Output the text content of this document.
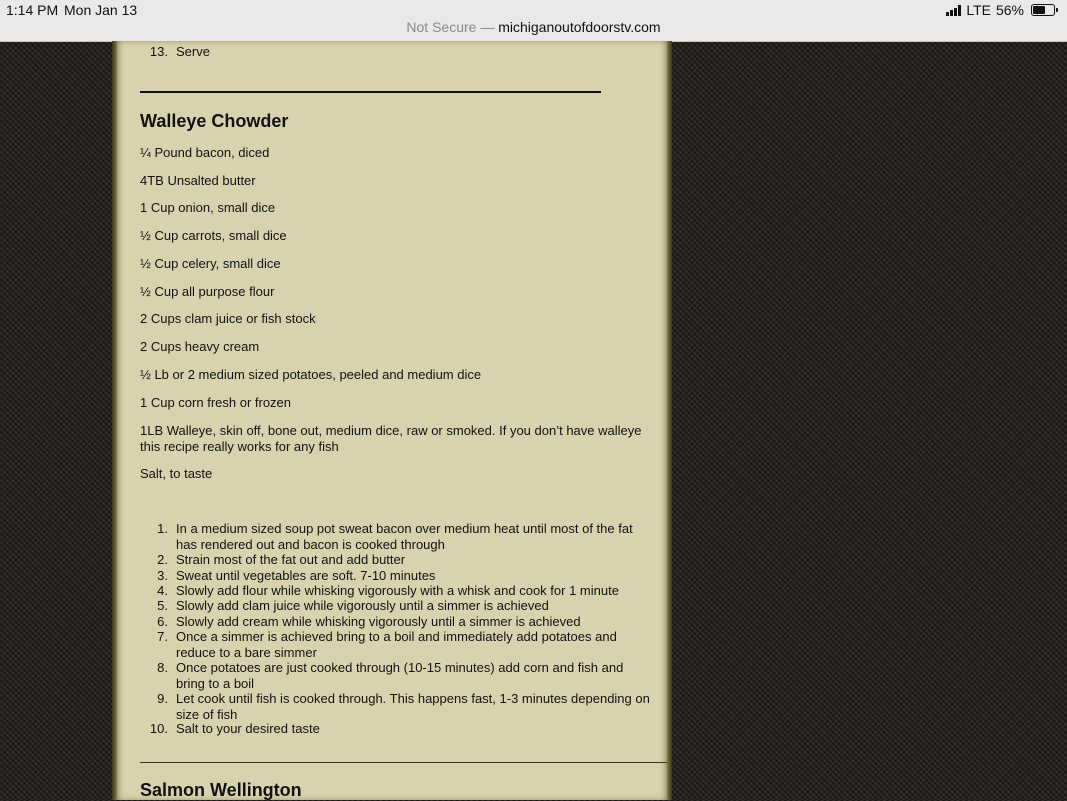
1:14 PM Mon Jan 13	LTE 56%
Not Secure — michiganoutofdoorstv.com
13. Serve
Walleye Chowder
¼ Pound bacon, diced
4TB Unsalted butter
1 Cup onion, small dice
½ Cup carrots, small dice
½ Cup celery, small dice
½ Cup all purpose flour
2 Cups clam juice or fish stock
2 Cups heavy cream
½ Lb or 2 medium sized potatoes, peeled and medium dice
1 Cup corn fresh or frozen
1LB Walleye, skin off, bone out, medium dice, raw or smoked. If you don’t have walleye this recipe really works for any fish
Salt, to taste
1. In a medium sized soup pot sweat bacon over medium heat until most of the fat has rendered out and bacon is cooked through
2. Strain most of the fat out and add butter
3. Sweat until vegetables are soft. 7-10 minutes
4. Slowly add flour while whisking vigorously with a whisk and cook for 1 minute
5. Slowly add clam juice while vigorously until a simmer is achieved
6. Slowly add cream while whisking vigorously until a simmer is achieved
7. Once a simmer is achieved bring to a boil and immediately add potatoes and reduce to a bare simmer
8. Once potatoes are just cooked through (10-15 minutes) add corn and fish and bring to a boil
9. Let cook until fish is cooked through. This happens fast, 1-3 minutes depending on size of fish
10. Salt to your desired taste
Salmon Wellington
